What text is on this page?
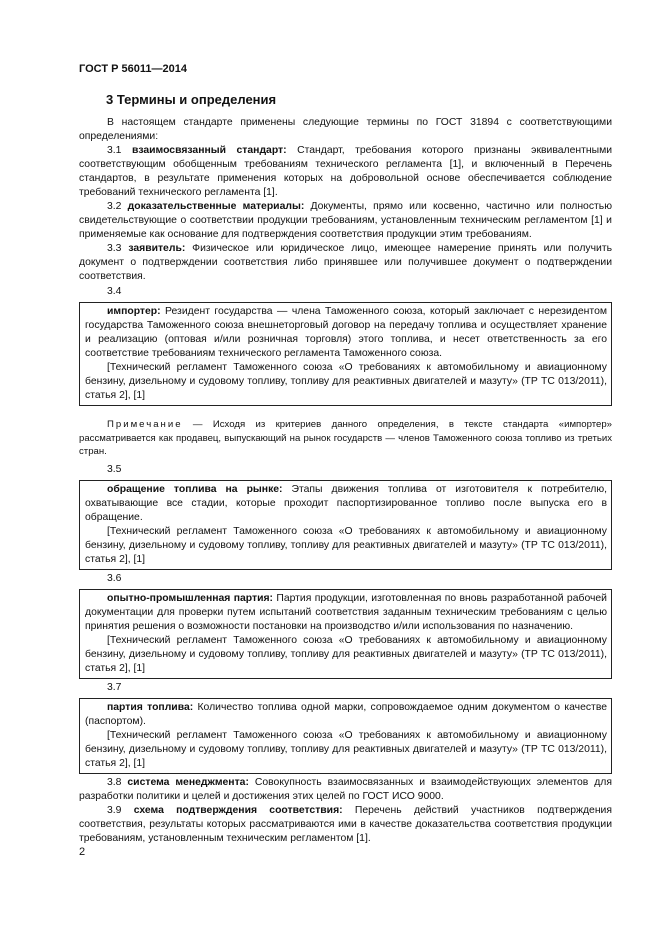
ГОСТ Р 56011—2014
3 Термины и определения

В настоящем стандарте применены следующие термины по ГОСТ 31894 с соответствующими определениями:

3.1 взаимосвязанный стандарт: Стандарт, требования которого признаны эквивалентными соответствующим обобщенным требованиям технического регламента [1], и включенный в Перечень стандартов, в результате применения которых на добровольной основе обеспечивается соблюдение требований технического регламента [1].

3.2 доказательственные материалы: Документы, прямо или косвенно, частично или полностью свидетельствующие о соответствии продукции требованиям, установленным техническим регламентом [1] и применяемые как основание для подтверждения соответствия продукции этим требованиям.

3.3 заявитель: Физическое или юридическое лицо, имеющее намерение принять или получить документ о подтверждении соответствия либо принявшее или получившее документ о подтверждении соответствия.

3.4

импортер: Резидент государства — члена Таможенного союза, который заключает с нерезидентом государства Таможенного союза внешнеторговый договор на передачу топлива и осуществляет хранение и реализацию (оптовая и/или розничная торговля) этого топлива, и несет ответственность за его соответствие требованиям технического регламента Таможенного союза.

[Технический регламент Таможенного союза «О требованиях к автомобильному и авиационному бензину, дизельному и судовому топливу, топливу для реактивных двигателей и мазуту» (ТР ТС 013/2011), статья 2], [1]

Примечание — Исходя из критериев данного определения, в тексте стандарта «импортер» рассматривается как продавец, выпускающий на рынок государств — членов Таможенного союза топливо из третьих стран.

3.5

обращение топлива на рынке: Этапы движения топлива от изготовителя к потребителю, охватывающие все стадии, которые проходит паспортизированное топливо после выпуска его в обращение.

[Технический регламент Таможенного союза «О требованиях к автомобильному и авиационному бензину, дизельному и судовому топливу, топливу для реактивных двигателей и мазуту» (ТР ТС 013/2011), статья 2], [1]

3.6

опытно-промышленная партия: Партия продукции, изготовленная по вновь разработанной рабочей документации для проверки путем испытаний соответствия заданным техническим требованиям с целью принятия решения о возможности постановки на производство и/или использования по назначению.

[Технический регламент Таможенного союза «О требованиях к автомобильному и авиационному бензину, дизельному и судовому топливу, топливу для реактивных двигателей и мазуту» (ТР ТС 013/2011), статья 2], [1]

3.7

партия топлива: Количество топлива одной марки, сопровождаемое одним документом о качестве (паспортом).

[Технический регламент Таможенного союза «О требованиях к автомобильному и авиационному бензину, дизельному и судовому топливу, топливу для реактивных двигателей и мазуту» (ТР ТС 013/2011), статья 2], [1]

3.8 система менеджмента: Совокупность взаимосвязанных и взаимодействующих элементов для разработки политики и целей и достижения этих целей по ГОСТ ИСО 9000.

3.9 схема подтверждения соответствия: Перечень действий участников подтверждения соответствия, результаты которых рассматриваются ими в качестве доказательства соответствия продукции требованиям, установленным техническим регламентом [1].

2
